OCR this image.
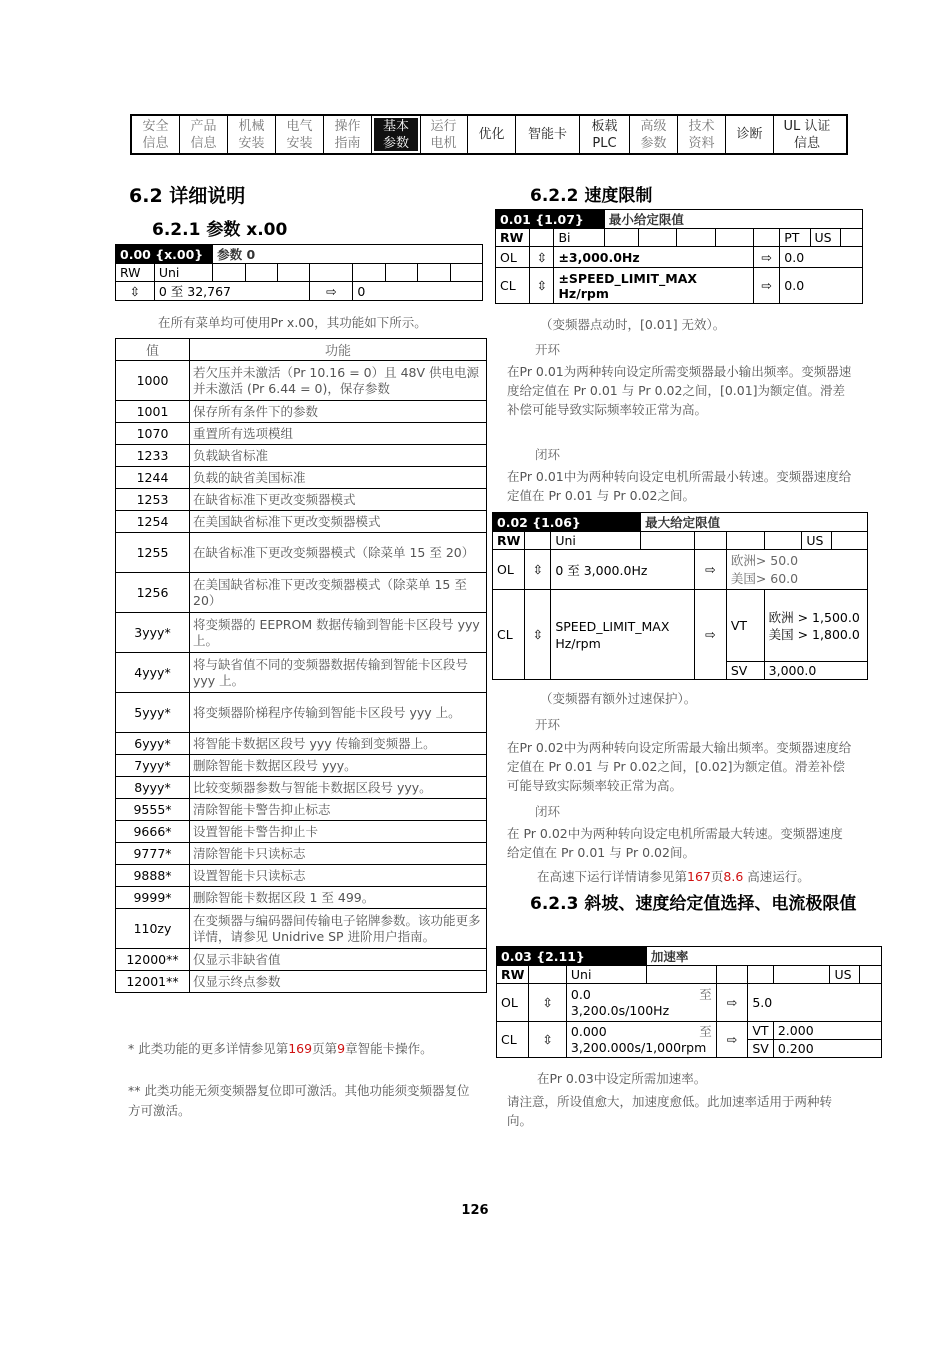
安全
信息
产品
信息
机械
安装
电气
安装
操作
指南
基本
参数
运行
电机
优化	智能卡
板载
PLC
高级
参数
技术
资料
诊断
UL 认证
信息
6.2 详细说明
6.2.1 参数 x.00
0.00 {x.00}		参数 0							
RW	Uni								
⇳	0 至 32,767				⇨	0			
在所有菜单均可使用Pr x.00，其功能如下所示。
值	功能
1000	若欠压并未激活（Pr 10.16 = 0）且 48V 供电电源并未激活 (Pr 6.44 = 0)，保存参数
1001	保存所有条件下的参数
1070	重置所有选项模组
1233	负载缺省标准
1244	负载的缺省美国标准
1253	在缺省标准下更改变频器模式
1254	在美国缺省标准下更改变频器模式
1255	在缺省标准下更改变频器模式（除菜单 15 至 20）
1256	在美国缺省标准下更改变频器模式（除菜单 15 至 20）
3yyy*	将变频器的 EEPROM 数据传输到智能卡区段号 yyy 上。
4yyy*	将与缺省值不同的变频器数据传输到智能卡区段号 yyy 上。
5yyy*	将变频器阶梯程序传输到智能卡区段号 yyy 上。
6yyy*	将智能卡数据区段号 yyy 传输到变频器上。
7yyy*	删除智能卡数据区段号 yyy。
8yyy*	比较变频器参数与智能卡数据区段号 yyy。
9555*	清除智能卡警告抑止标志
9666*	设置智能卡警告抑止卡
9777*	清除智能卡只读标志
9888*	设置智能卡只读标志
9999*	删除智能卡数据区段 1 至 499。
110zy	在变频器与编码器间传输电子铭牌参数。该功能更多详情，请参见 Unidrive SP 进阶用户指南。
12000**	仅显示非缺省值
12001**	仅显示终点参数
* 此类功能的更多详情参见第169页第9章智能卡操作。
** 此类功能无须变频器复位即可激活。其他功能须变频器复位方可激活。
6.2.2 速度限制
0.01 {1.07}			最小给定限值							
RW		Bi						PT	US	
OL	⇳	±3,000.0Hz					⇨	0.0		
CL	⇳	±SPEED_LIMIT_MAX Hz/rpm					⇨	0.0		
（变频器点动时，[0.01] 无效）。
开环
在Pr 0.01为两种转向设定所需变频器最小输出频率。变频器速度给定值在 Pr 0.01 与 Pr 0.02之间，[0.01]为额定值。滑差补偿可能导致实际频率较正常为高。
闭环
在Pr 0.01中为两种转向设定电机所需最小转速。变频器速度给定值在 Pr 0.01 与 Pr 0.02之间。
0.02 {1.06}			最大给定限值					
RW		Uni					US	
OL	⇳	0 至 3,000.0Hz		⇨	欧洲> 50.0
美国> 60.0			

CL	⇳	SPEED_LIMIT_MAX Hz/rpm		⇨	VT	欧洲 > 1,500.0
美国 > 1,800.0		

					SV	3,000.0		
（变频器有额外过速保护）。
开环
在Pr 0.02中为两种转向设定所需最大输出频率。变频器速度给定值在 Pr 0.01 与 Pr 0.02之间，[0.02]为额定值。滑差补偿可能导致实际频率较正常为高。
闭环
在 Pr 0.02中为两种转向设定电机所需最大转速。变频器速度给定值在 Pr 0.01 与 Pr 0.02间。
在高速下运行详情请参见第167页8.6 高速运行。
6.2.3 斜坡、速度给定值选择、电流极限值
0.03 {2.11}			加速率					
RW		Uni					US	
OL	⇳	0.0 至

3,200.0s/100Hz		⇨	5.0			
CL	⇳	0.000 至

3,200.000s/1,000rpm		⇨	VT	2.000		
					SV	0.200		
在Pr 0.03中设定所需加速率。
请注意，所设值愈大，加速度愈低。此加速率适用于两种转向。
126
